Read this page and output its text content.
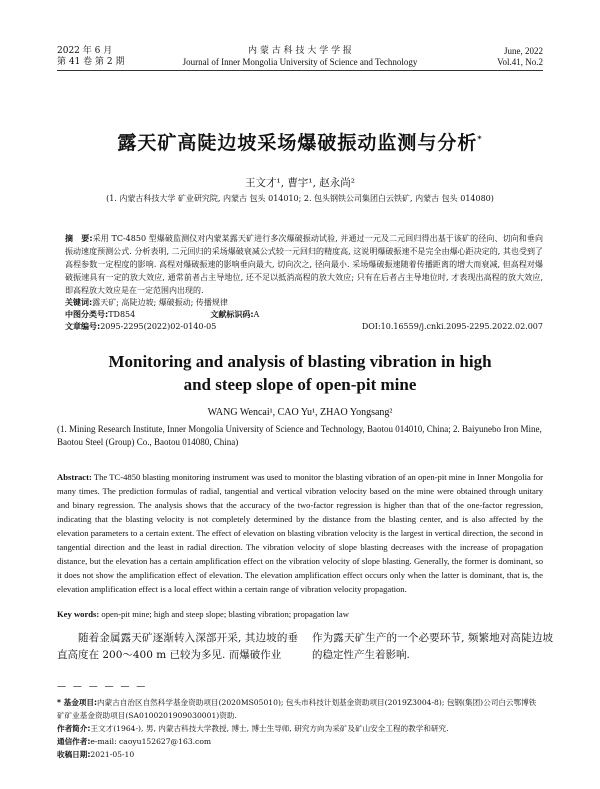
2022 年 6 月
第 41 卷 第 2 期
内 蒙 古 科 技 大 学 学 报
Journal of Inner Mongolia University of Science and Technology
June, 2022
Vol.41, No.2
露天矿高陡边坡采场爆破振动监测与分析*
王文才¹, 曹宇¹, 赵永尚²
(1. 内蒙古科技大学 矿业研究院, 内蒙古 包头 014010; 2. 包头钢铁公司集团白云铁矿, 内蒙古 包头 014080)
摘　要:采用 TC-4850 型爆破监测仪对内蒙某露天矿进行多次爆破振动试验, 并通过一元及二元回归得出基于该矿的径向、切向和垂向振动速度预测公式. 分析表明, 二元回归的采场爆破衰减公式较一元回归的精度高, 这说明爆破振速不是完全由爆心距决定的, 其也受到了高程参数一定程度的影响. 高程对爆破振速的影响垂向最大, 切向次之, 径向最小. 采场爆破振速随着传播距离的增大而衰减, 但高程对爆破振速具有一定的放大效应, 通常前者占主导地位, 还不足以抵消高程的放大效应; 只有在后者占主导地位时, 才表现出高程的放大效应, 即高程放大效应是在一定范围内出现的.
关键词:露天矿; 高陡边坡; 爆破振动; 传播规律
中图分类号:TD854	文献标识码:A
文章编号:2095-2295(2022)02-0140-05	DOI:10.16559/j.cnki.2095-2295.2022.02.007
Monitoring and analysis of blasting vibration in high
and steep slope of open-pit mine
WANG Wencai¹, CAO Yu¹, ZHAO Yongsang²
(1. Mining Research Institute, Inner Mongolia University of Science and Technology, Baotou 014010, China; 2. Baiyunebo Iron Mine, Baotou Steel (Group) Co., Baotou 014080, China)
Abstract: The TC-4850 blasting monitoring instrument was used to monitor the blasting vibration of an open-pit mine in Inner Mongolia for many times. The prediction formulas of radial, tangential and vertical vibration velocity based on the mine were obtained through unitary and binary regression. The analysis shows that the accuracy of the two-factor regression is higher than that of the one-factor regression, indicating that the blasting velocity is not completely determined by the distance from the blasting center, and is also affected by the elevation parameters to a certain extent. The effect of elevation on blasting vibration velocity is the largest in vertical direction, the second in tangential direction and the least in radial direction. The vibration velocity of slope blasting decreases with the increase of propagation distance, but the elevation has a certain amplification effect on the vibration velocity of slope blasting. Generally, the former is dominant, so it does not show the amplification effect of elevation. The elevation amplification effect occurs only when the latter is dominant, that is, the elevation amplification effect is a local effect within a certain range of vibration velocity propagation.
Key words: open-pit mine; high and steep slope; blasting vibration; propagation law
随着金属露天矿逐渐转入深部开采, 其边坡的垂直高度在 200～400 m 已较为多见. 而爆破作业
作为露天矿生产的一个必要环节, 频繁地对高陡边坡的稳定性产生着影响.
— — — — — —
* 基金项目:内蒙古自治区自然科学基金资助项目(2020MS05010); 包头市科技计划基金资助项目(2019Z3004-8); 包钢(集团)公司白云鄂博铁矿矿业基金资助项目(SA0100201909030001)资助.
作者简介:王文才(1964-), 男, 内蒙古科技大学教授, 博士, 博士生导师, 研究方向为采矿及矿山安全工程的教学和研究.
通信作者:e-mail: caoyu152627@163.com
收稿日期:2021-05-10
